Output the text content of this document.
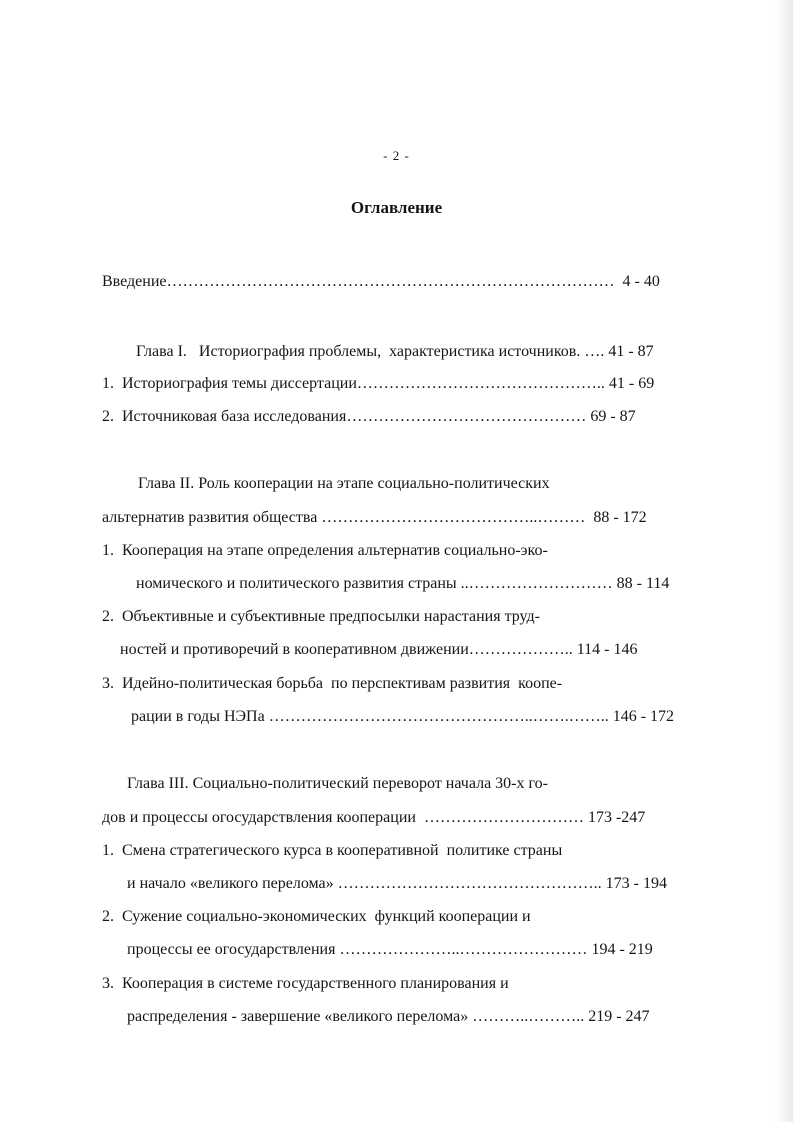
- 2 -
Оглавление
Введение…………………………………………………………………………  4 - 40
Глава I.   Историография проблемы,  характеристика источников. …. 41 - 87
1.  Историография темы диссертации……………………………………….. 41 - 69
2.  Источниковая база исследования……………………………………… 69 - 87
Глава II. Роль кооперации на этапе социально-политических
альтернатив развития общества …………………………………..………  88 - 172
1.  Кооперация на этапе определения альтернатив социально-эко-
номического и политического развития страны ..……………………… 88 - 114
2.  Объективные и субъективные предпосылки нарастания труд-
ностей и противоречий в кооперативном движении……………….. 114 - 146
3.  Идейно-политическая борьба  по перспективам развития  коопе-
рации в годы НЭПа …………………………………………..…….…….. 146 - 172
Глава III. Социально-политический переворот начала 30-х го-
дов и процессы огосударствления кооперации  ………………………… 173 -247
1.  Смена стратегического курса в кооперативной  политике страны
и начало «великого перелома» ………………………………………….. 173 - 194
2.  Сужение социально-экономических  функций кооперации и
процессы ее огосударствления …………………..…………………… 194 - 219
3.  Кооперация в системе государственного планирования и
распределения - завершение «великого перелома» ………..……….. 219 - 247
